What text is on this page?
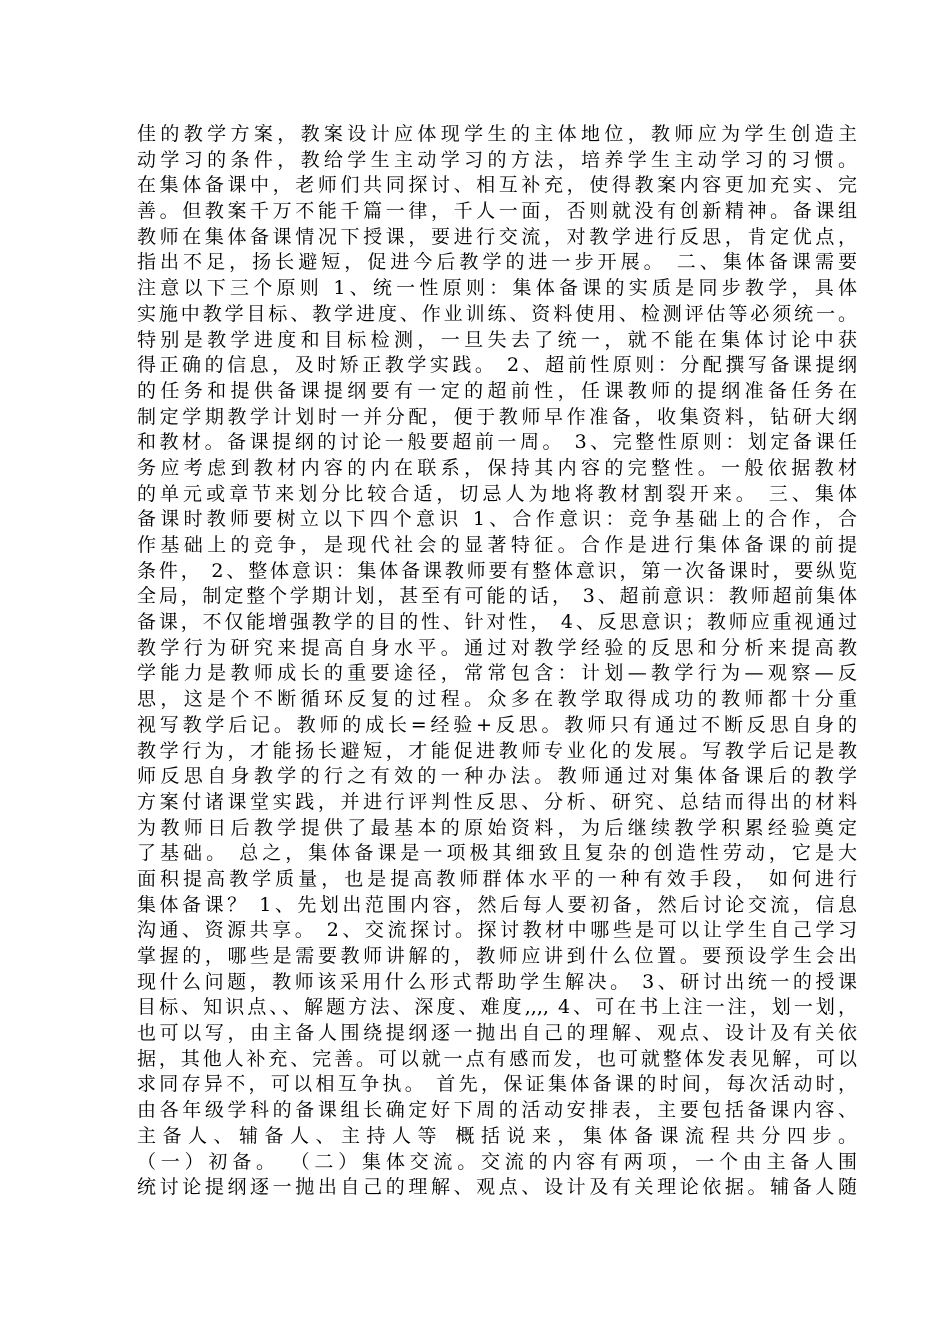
佳的教学方案，教案设计应体现学生的主体地位，教师应为学生创造主
动学习的条件，教给学生主动学习的方法，培养学生主动学习的习惯。
在集体备课中，老师们共同探讨、相互补充，使得教案内容更加充实、完
善。但教案千万不能千篇一律，千人一面，否则就没有创新精神。备课组
教师在集体备课情况下授课，要进行交流，对教学进行反思，肯定优点，
指出不足，扬长避短，促进今后教学的进一步开展。 二、集体备课需要
注意以下三个原则 1、统一性原则：集体备课的实质是同步教学，具体
实施中教学目标、教学进度、作业训练、资料使用、检测评估等必须统一。
特别是教学进度和目标检测，一旦失去了统一，就不能在集体讨论中获
得正确的信息，及时矫正教学实践。 2、超前性原则：分配撰写备课提纲
的任务和提供备课提纲要有一定的超前性，任课教师的提纲准备任务在
制定学期教学计划时一并分配，便于教师早作准备，收集资料，钻研大纲
和教材。备课提纲的讨论一般要超前一周。 3、完整性原则：划定备课任
务应考虑到教材内容的内在联系，保持其内容的完整性。一般依据教材
的单元或章节来划分比较合适，切忌人为地将教材割裂开来。 三、集体
备课时教师要树立以下四个意识 1、合作意识：竞争基础上的合作，合
作基础上的竞争，是现代社会的显著特征。合作是进行集体备课的前提
条件， 2、整体意识：集体备课教师要有整体意识，第一次备课时，要纵览
全局，制定整个学期计划，甚至有可能的话， 3、超前意识：教师超前集体
备课，不仅能增强教学的目的性、针对性， 4、反思意识；教师应重视通过
教学行为研究来提高自身水平。通过对教学经验的反思和分析来提高教
学能力是教师成长的重要途径，常常包含：计划—教学行为—观察—反
思，这是个不断循环反复的过程。众多在教学取得成功的教师都十分重
视写教学后记。教师的成长=经验+反思。教师只有通过不断反思自身的
教学行为，才能扬长避短，才能促进教师专业化的发展。写教学后记是教
师反思自身教学的行之有效的一种办法。教师通过对集体备课后的教学
方案付诸课堂实践，并进行评判性反思、分析、研究、总结而得出的材料
为教师日后教学提供了最基本的原始资料，为后继续教学积累经验奠定
了基础。 总之，集体备课是一项极其细致且复杂的创造性劳动，它是大
面积提高教学质量，也是提高教师群体水平的一种有效手段， 如何进行
集体备课？ 1、先划出范围内容，然后每人要初备，然后讨论交流，信息
沟通、资源共享。 2、交流探讨。探讨教材中哪些是可以让学生自己学习
掌握的，哪些是需要教师讲解的，教师应讲到什么位置。要预设学生会出
现什么问题，教师该采用什么形式帮助学生解决。 3、研讨出统一的授课
目标、知识点、、解题方法、深度、难度,,,, 4、可在书上注一注，划一划，
也可以写，由主备人围绕提纲逐一抛出自己的理解、观点、设计及有关依
据，其他人补充、完善。可以就一点有感而发，也可就整体发表见解，可以
求同存异不，可以相互争执。 首先，保证集体备课的时间，每次活动时，
由各年级学科的备课组长确定好下周的活动安排表，主要包括备课内容、
主备人、辅备人、主持人等 概括说来，集体备课流程共分四步。
（一）初备。 （二）集体交流。交流的内容有两项，一个由主备人围
统讨论提纲逐一抛出自己的理解、观点、设计及有关理论依据。辅备人随
